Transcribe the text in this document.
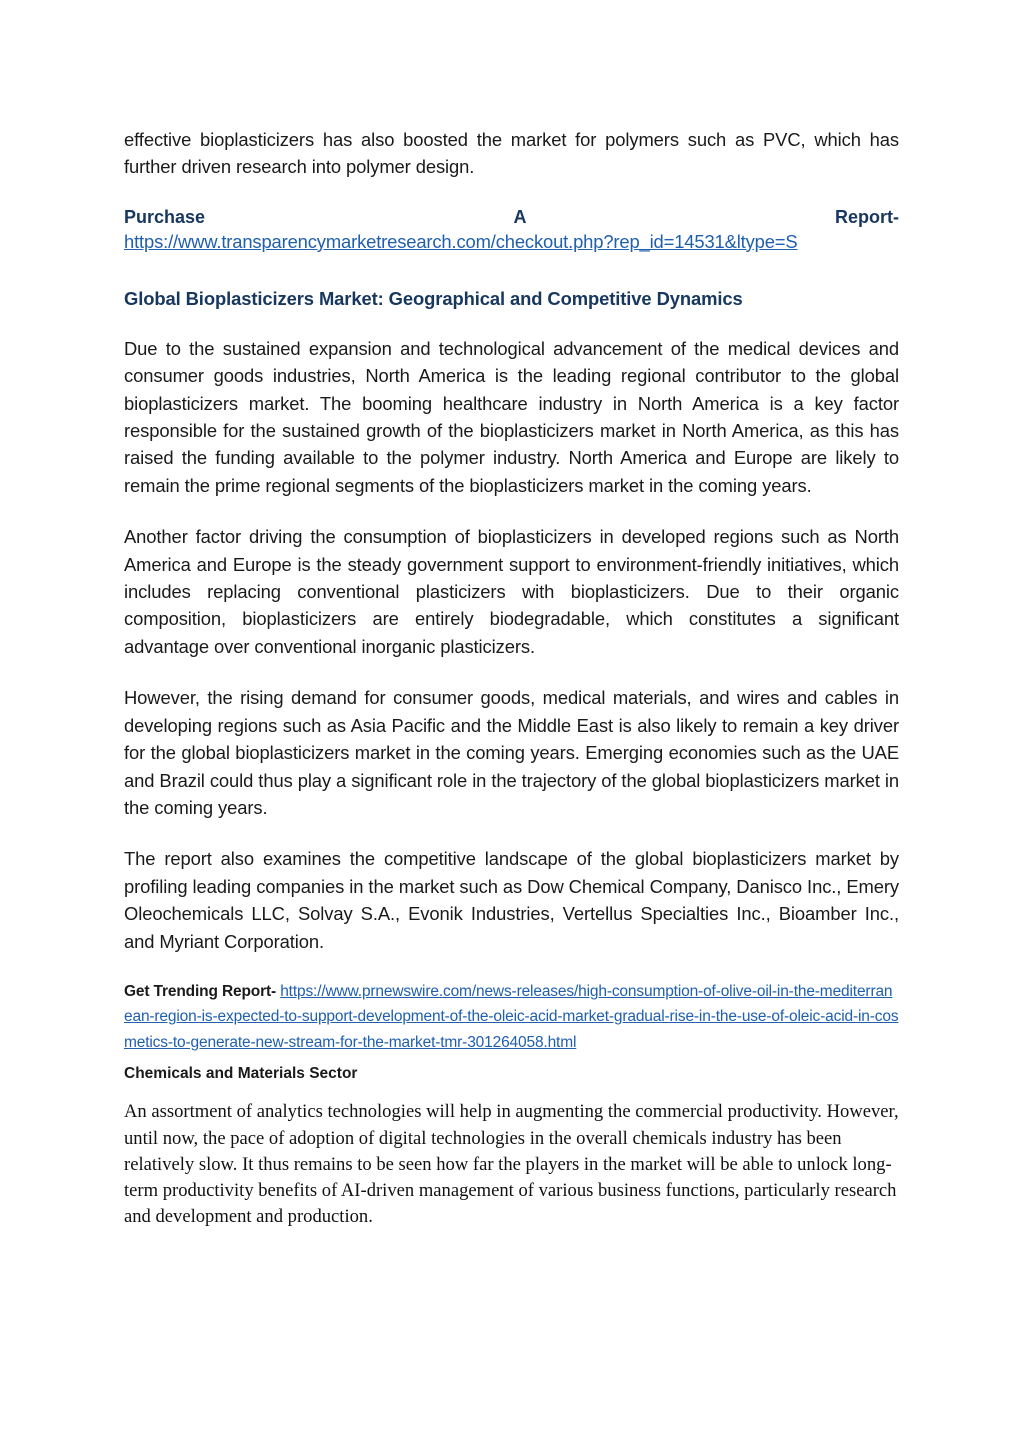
effective bioplasticizers has also boosted the market for polymers such as PVC, which has further driven research into polymer design.

Purchase	A	Report-
https://www.transparencymarketresearch.com/checkout.php?rep_id=14531&ltype=S

Global Bioplasticizers Market: Geographical and Competitive Dynamics

Due to the sustained expansion and technological advancement of the medical devices and consumer goods industries, North America is the leading regional contributor to the global bioplasticizers market. The booming healthcare industry in North America is a key factor responsible for the sustained growth of the bioplasticizers market in North America, as this has raised the funding available to the polymer industry. North America and Europe are likely to remain the prime regional segments of the bioplasticizers market in the coming years.

Another factor driving the consumption of bioplasticizers in developed regions such as North America and Europe is the steady government support to environment-friendly initiatives, which includes replacing conventional plasticizers with bioplasticizers. Due to their organic composition, bioplasticizers are entirely biodegradable, which constitutes a significant advantage over conventional inorganic plasticizers.

However, the rising demand for consumer goods, medical materials, and wires and cables in developing regions such as Asia Pacific and the Middle East is also likely to remain a key driver for the global bioplasticizers market in the coming years. Emerging economies such as the UAE and Brazil could thus play a significant role in the trajectory of the global bioplasticizers market in the coming years.

The report also examines the competitive landscape of the global bioplasticizers market by profiling leading companies in the market such as Dow Chemical Company, Danisco Inc., Emery Oleochemicals LLC, Solvay S.A., Evonik Industries, Vertellus Specialties Inc., Bioamber Inc., and Myriant Corporation.

Get Trending Report- https://www.prnewswire.com/news-releases/high-consumption-of-olive-oil-in-the-mediterranean-region-is-expected-to-support-development-of-the-oleic-acid-market-gradual-rise-in-the-use-of-oleic-acid-in-cosmetics-to-generate-new-stream-for-the-market-tmr-301264058.html

Chemicals and Materials Sector

An assortment of analytics technologies will help in augmenting the commercial productivity. However, until now, the pace of adoption of digital technologies in the overall chemicals industry has been relatively slow. It thus remains to be seen how far the players in the market will be able to unlock long-term productivity benefits of AI-driven management of various business functions, particularly research and development and production.
